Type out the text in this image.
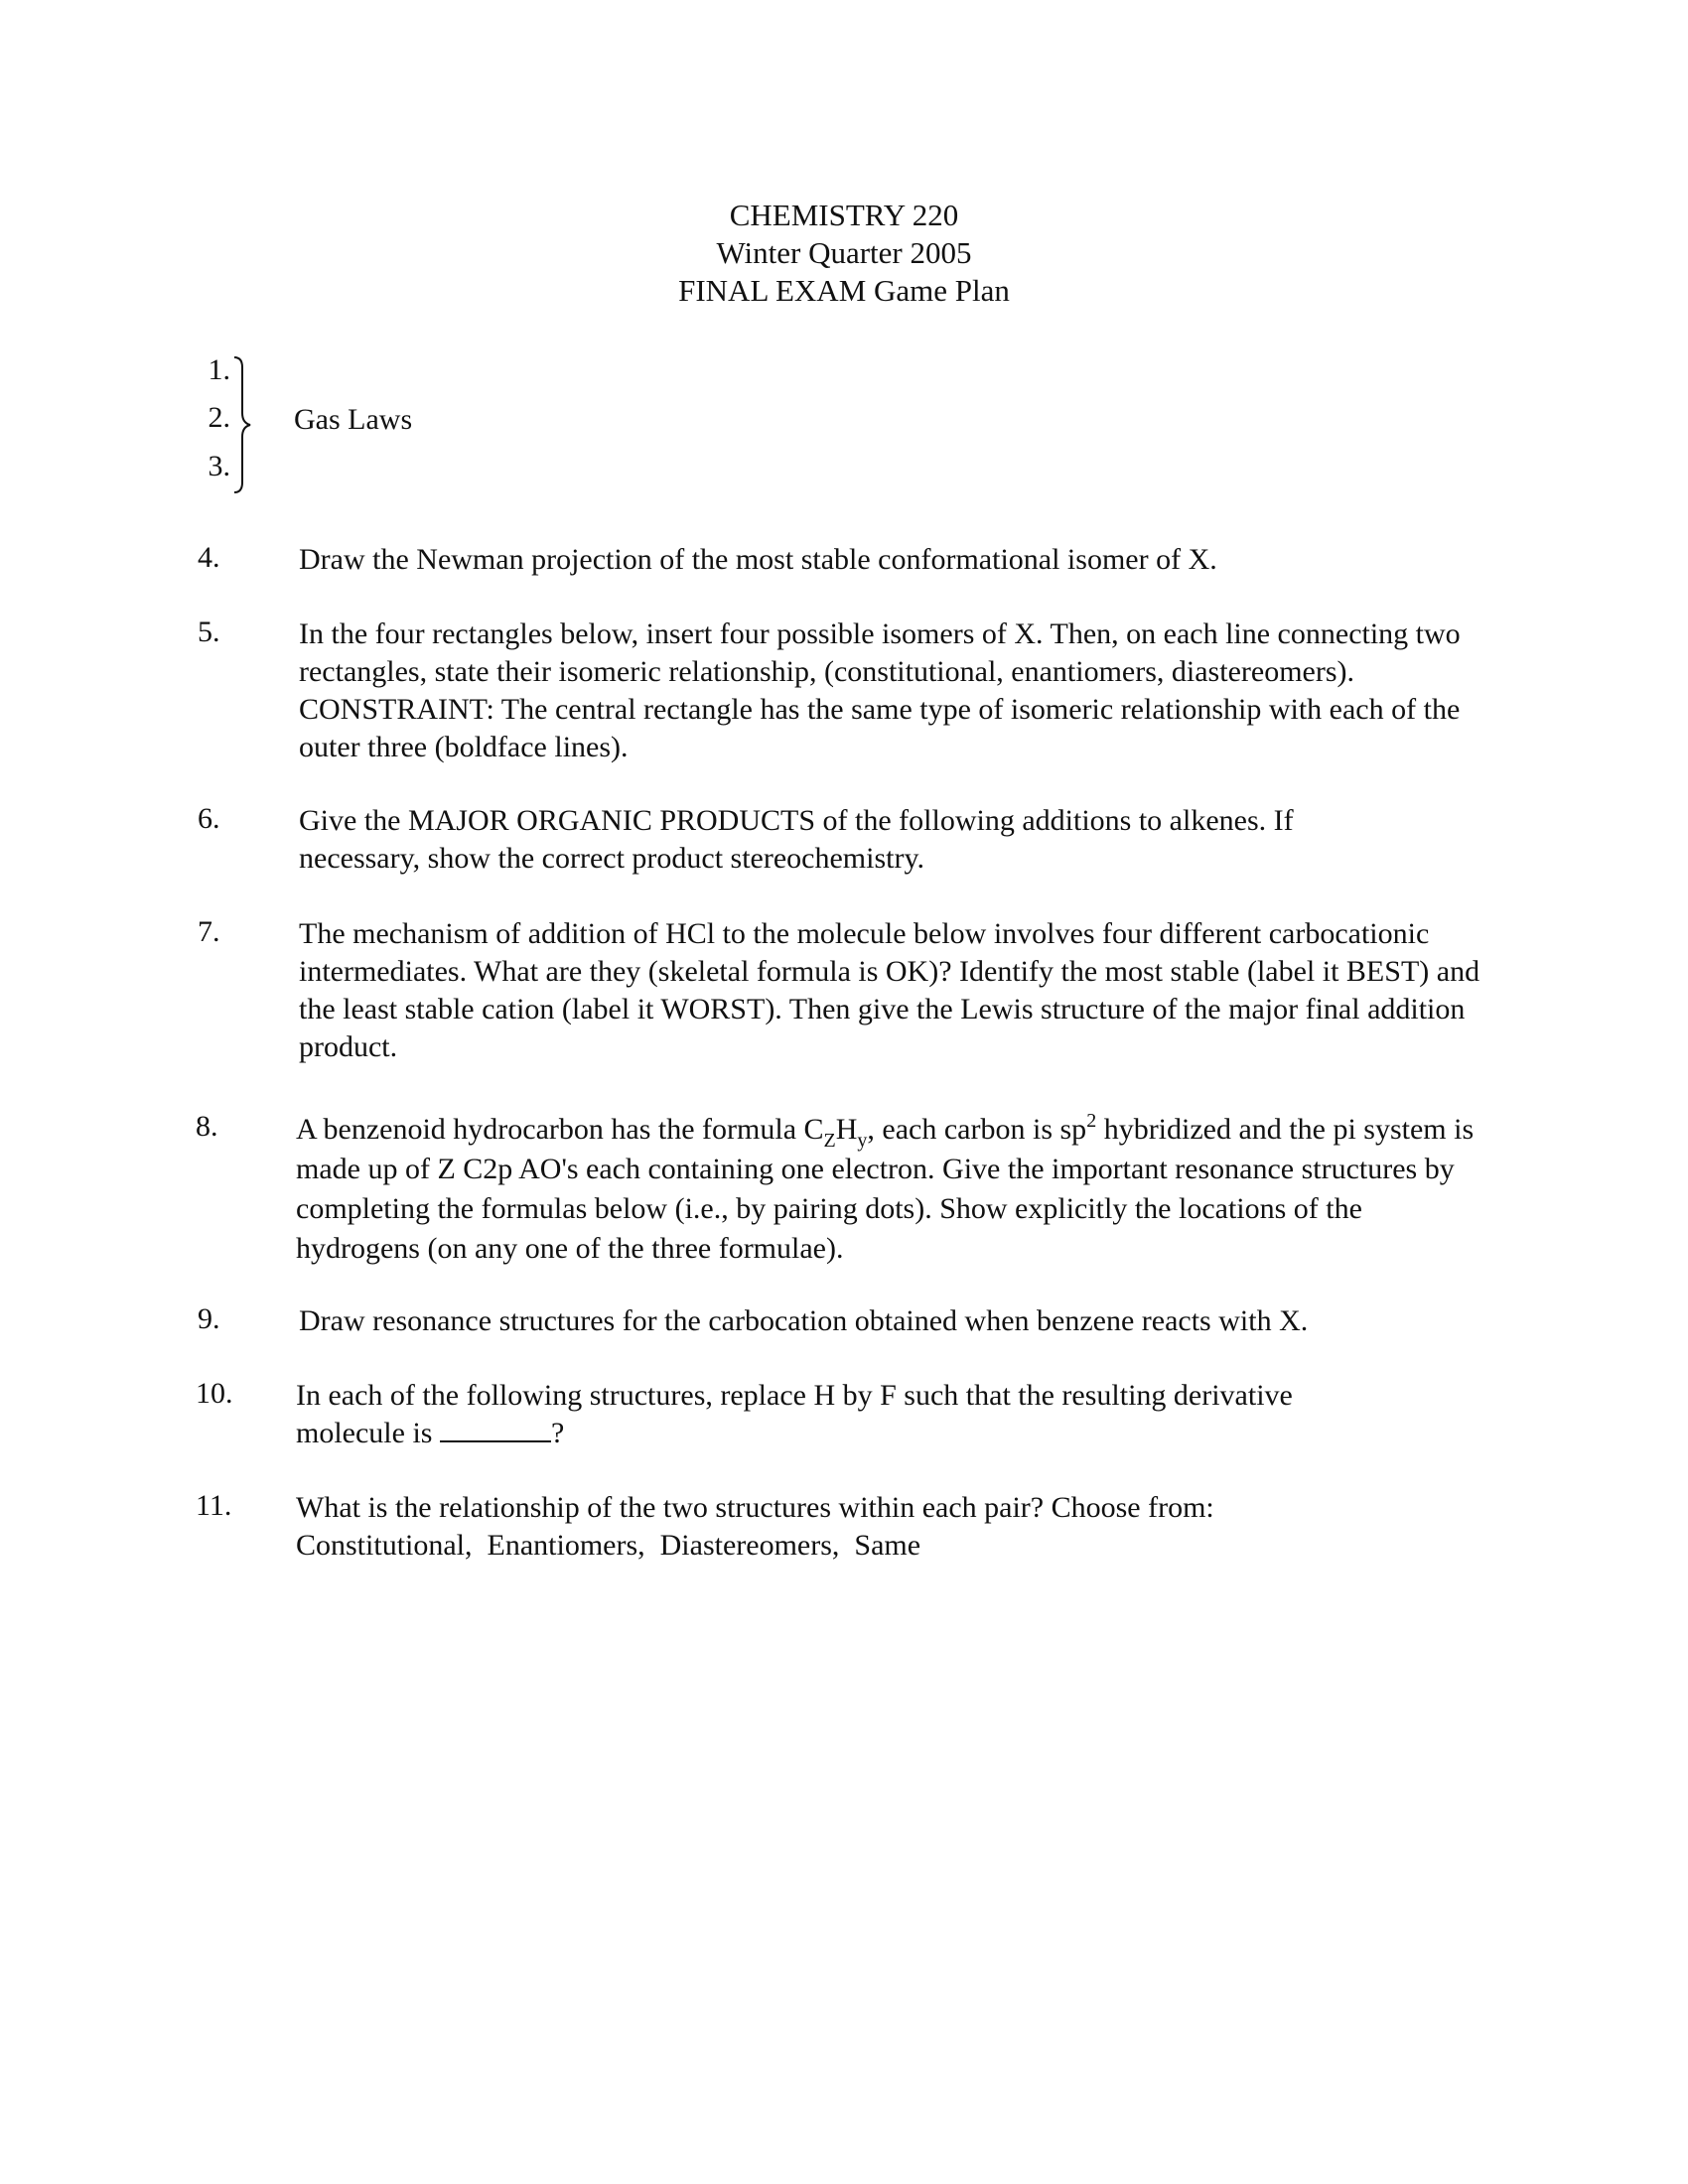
CHEMISTRY 220
Winter Quarter 2005
FINAL EXAM Game Plan
1.
2.
3.
Gas Laws
4.	Draw the Newman projection of the most stable conformational isomer of X.
5.	In the four rectangles below, insert four possible isomers of X. Then, on each line connecting two rectangles, state their isomeric relationship, (constitutional, enantiomers, diastereomers). CONSTRAINT: The central rectangle has the same type of isomeric relationship with each of the outer three (boldface lines).
6.	Give the MAJOR ORGANIC PRODUCTS of the following additions to alkenes. If necessary, show the correct product stereochemistry.
7.	The mechanism of addition of HCl to the molecule below involves four different carbocationic intermediates. What are they (skeletal formula is OK)? Identify the most stable (label it BEST) and the least stable cation (label it WORST). Then give the Lewis structure of the major final addition product.
8.	A benzenoid hydrocarbon has the formula $C_ZH_y$, each carbon is $sp^2$ hybridized and the pi system is made up of Z C2p AO's each containing one electron. Give the important resonance structures by completing the formulas below (i.e., by pairing dots). Show explicitly the locations of the hydrogens (on any one of the three formulae).
9.	Draw resonance structures for the carbocation obtained when benzene reacts with X.
10.	In each of the following structures, replace H by F such that the resulting derivative molecule is	?
11.	What is the relationship of the two structures within each pair? Choose from:
Constitutional,  Enantiomers,  Diastereomers,  Same
